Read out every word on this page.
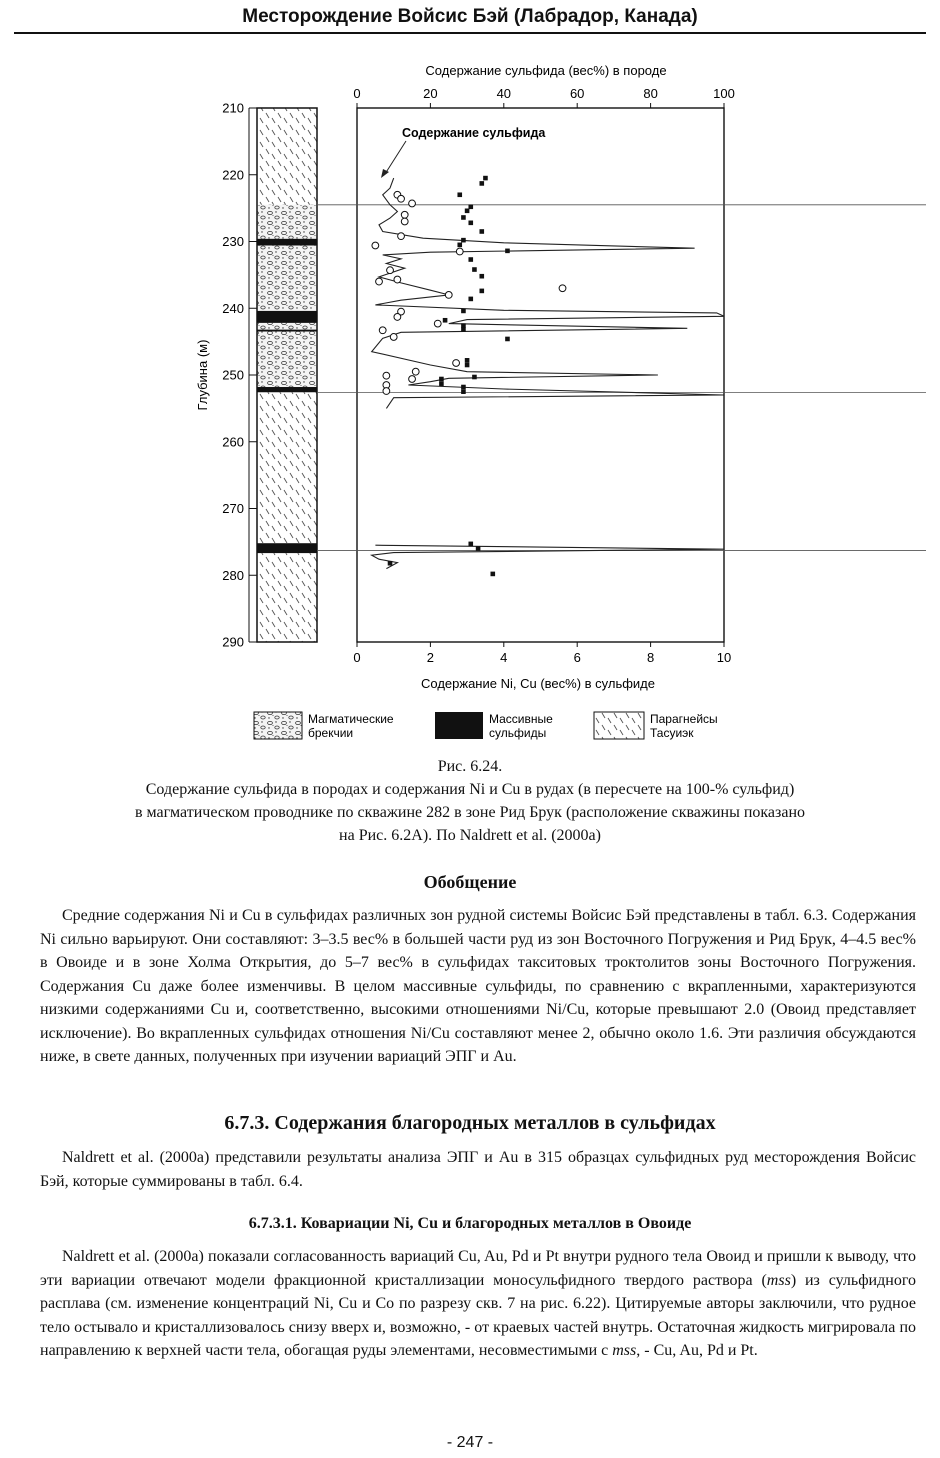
Месторождение Войсис Бэй (Лабрадор, Канада)
210
220
230
240
250
260
270
280
290
Глубина (м)
0	20	40	60	80	100
0	2	4	6	8	10
Содержание сульфида (вес%) в породе
Содержание Ni, Cu (вес%) в сульфиде
Содержание сульфида
Магматические
брекчии
Массивные
сульфиды
Парагнейсы
Тасуиэк
Рис. 6.24.
Содержание сульфида в породах и содержания Ni и Cu в рудах (в пересчете на 100-% сульфид)
в магматическом проводнике по скважине 282 в зоне Рид Брук (расположение скважины показано
на Рис. 6.2А). По Naldrett et al. (2000a)
Обобщение
Средние содержания Ni и Cu в сульфидах различных зон рудной системы Войсис Бэй представлены в табл. 6.3. Содержания Ni сильно варьируют. Они составляют: 3–3.5 вес% в большей части руд из зон Восточного Погружения и Рид Брук, 4–4.5 вес% в Овоиде и в зоне Холма Открытия, до 5–7 вес% в сульфидах такситовых троктолитов зоны Восточного Погружения. Содержания Cu даже более изменчивы. В целом массивные сульфиды, по сравнению с вкрапленными, характеризуются низкими содержаниями Cu и, соответственно, высокими отношениями Ni/Cu, которые превышают 2.0 (Овоид представляет исключение). Во вкрапленных сульфидах отношения Ni/Cu составляют менее 2, обычно около 1.6. Эти различия обсуждаются ниже, в свете данных, полученных при изучении вариаций ЭПГ и Au.
6.7.3. Содержания благородных металлов в сульфидах
Naldrett et al. (2000a) представили результаты анализа ЭПГ и Au в 315 образцах сульфидных руд месторождения Войсис Бэй, которые суммированы в табл. 6.4.
6.7.3.1. Ковариации Ni, Cu и благородных металлов в Овоиде
Naldrett et al. (2000a) показали согласованность вариаций Cu, Au, Pd и Pt внутри рудного тела Овоид и пришли к выводу, что эти вариации отвечают модели фракционной кристаллизации моносульфидного твердого раствора (mss) из сульфидного расплава (см. изменение концентраций Ni, Cu и Co по разрезу скв. 7 на рис. 6.22). Цитируемые авторы заключили, что рудное тело остывало и кристаллизовалось снизу вверх и, возможно, - от краевых частей внутрь. Остаточная жидкость мигрировала по направлению к верхней части тела, обогащая руды элементами, несовместимыми с mss, - Cu, Au, Pd и Pt.
- 247 -
